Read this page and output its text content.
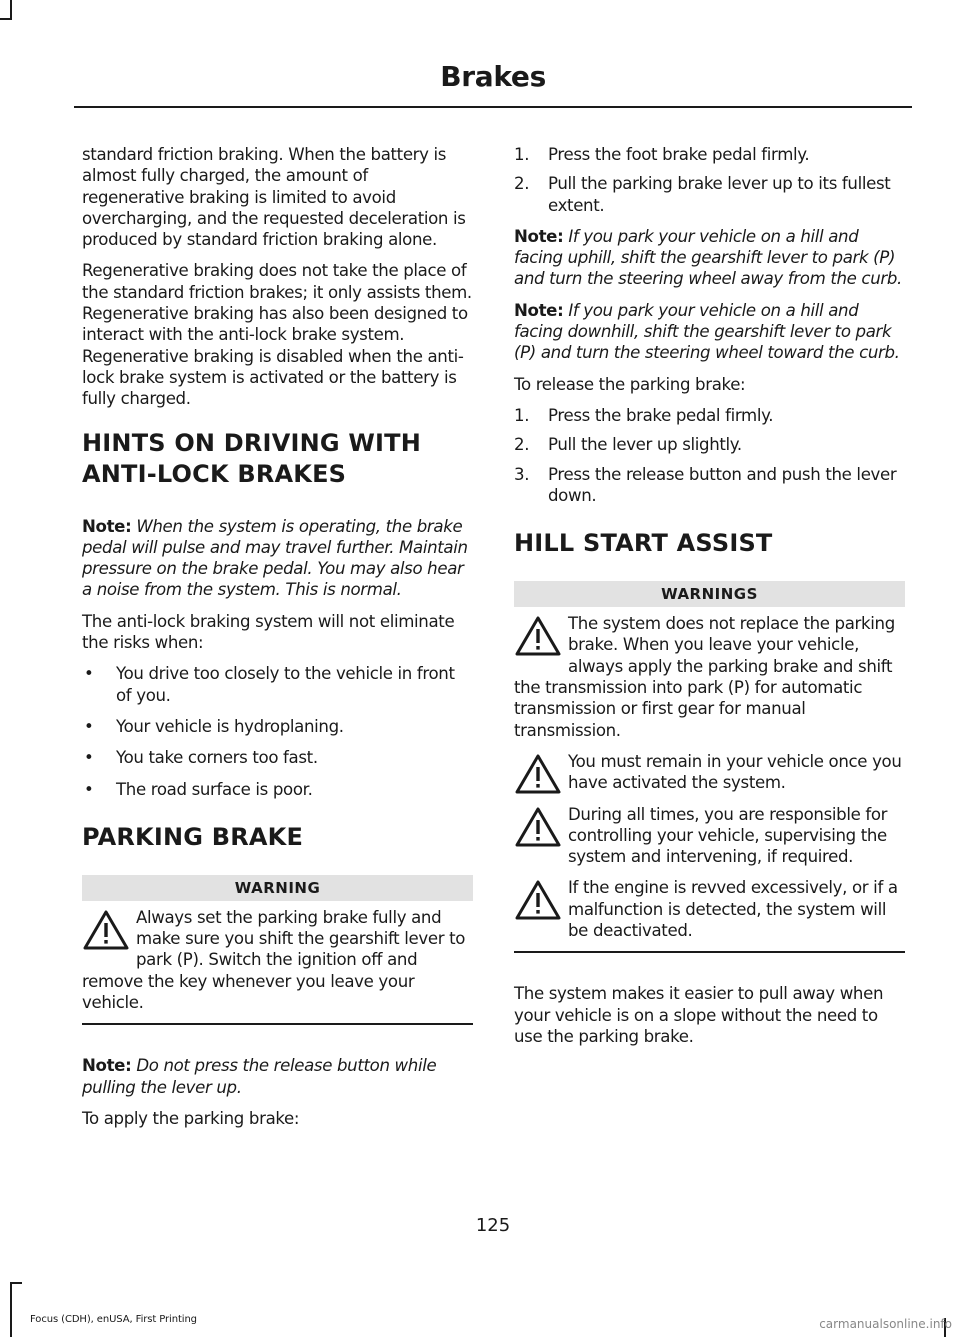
Brakes

standard friction braking. When the battery is almost fully charged, the amount of regenerative braking is limited to avoid overcharging, and the requested deceleration is produced by standard friction braking alone.

Regenerative braking does not take the place of the standard friction brakes; it only assists them. Regenerative braking has also been designed to interact with the anti-lock brake system. Regenerative braking is disabled when the anti-lock brake system is activated or the battery is fully charged.

HINTS ON DRIVING WITH
ANTI-LOCK BRAKES

Note: When the system is operating, the brake pedal will pulse and may travel further. Maintain pressure on the brake pedal. You may also hear a noise from the system. This is normal.

The anti-lock braking system will not eliminate the risks when:

• You drive too closely to the vehicle in front of you.
• Your vehicle is hydroplaning.
• You take corners too fast.
• The road surface is poor.
PARKING BRAKE
WARNING
Always set the parking brake fully and make sure you shift the gearshift lever to park (P). Switch the ignition off and remove the key whenever you leave your vehicle.

Note: Do not press the release button while pulling the lever up.

To apply the parking brake:

1. Press the foot brake pedal firmly.
2. Pull the parking brake lever up to its fullest extent.

Note: If you park your vehicle on a hill and facing uphill, shift the gearshift lever to park (P) and turn the steering wheel away from the curb.

Note: If you park your vehicle on a hill and facing downhill, shift the gearshift lever to park (P) and turn the steering wheel toward the curb.

To release the parking brake:

1. Press the brake pedal firmly.
2. Pull the lever up slightly.
3. Press the release button and push the lever down.
HILL START ASSIST
WARNINGS
The system does not replace the parking brake. When you leave your vehicle, always apply the parking brake and shift the transmission into park (P) for automatic transmission or first gear for manual transmission.
You must remain in your vehicle once you have activated the system.
During all times, you are responsible for controlling your vehicle, supervising the system and intervening, if required.
If the engine is revved excessively, or if a malfunction is detected, the system will be deactivated.

The system makes it easier to pull away when your vehicle is on a slope without the need to use the parking brake.

125
Focus (CDH), enUSA, First Printing	carmanualsonline.info
